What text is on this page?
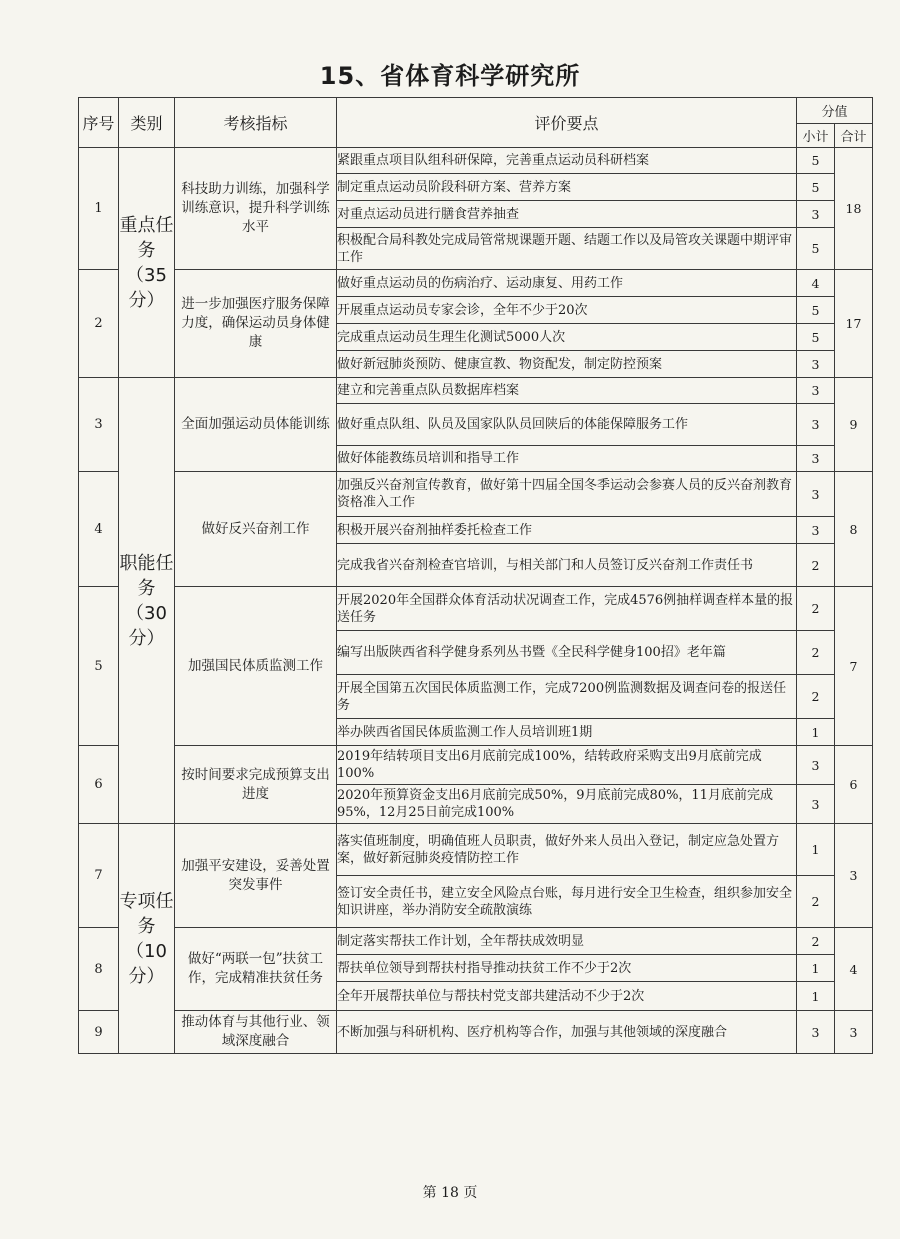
15、省体育科学研究所
序号	类别	考核指标	评价要点	分值	
				小计	合计
1	重点任务（35分）	科技助力训练，加强科学训练意识，提升科学训练水平	紧跟重点项目队组科研保障，完善重点运动员科研档案	5	18
			制定重点运动员阶段科研方案、营养方案	5	
			对重点运动员进行膳食营养抽查	3	
			积极配合局科教处完成局管常规课题开题、结题工作以及局管攻关课题中期评审工作	5	
2		进一步加强医疗服务保障力度，确保运动员身体健康	做好重点运动员的伤病治疗、运动康复、用药工作	4	17
			开展重点运动员专家会诊，全年不少于20次	5	
			完成重点运动员生理生化测试5000人次	5	
			做好新冠肺炎预防、健康宣教、物资配发，制定防控预案	3	
3	职能任务（30分）	全面加强运动员体能训练	建立和完善重点队员数据库档案	3	9
			做好重点队组、队员及国家队队员回陕后的体能保障服务工作	3	
			做好体能教练员培训和指导工作	3	
4		做好反兴奋剂工作	加强反兴奋剂宣传教育，做好第十四届全国冬季运动会参赛人员的反兴奋剂教育资格准入工作	3	8
			积极开展兴奋剂抽样委托检查工作	3	
			完成我省兴奋剂检查官培训，与相关部门和人员签订反兴奋剂工作责任书	2	
5		加强国民体质监测工作	开展2020年全国群众体育活动状况调查工作，完成4576例抽样调查样本量的报送任务	2	7
			编写出版陕西省科学健身系列丛书暨《全民科学健身100招》老年篇	2	
			开展全国第五次国民体质监测工作，完成7200例监测数据及调查问卷的报送任务	2	
			举办陕西省国民体质监测工作人员培训班1期	1	
6		按时间要求完成预算支出进度	2019年结转项目支出6月底前完成100%，结转政府采购支出9月底前完成100%	3	6
			2020年预算资金支出6月底前完成50%，9月底前完成80%，11月底前完成95%，12月25日前完成100%	3	
7	专项任务（10分）	加强平安建设，妥善处置突发事件	落实值班制度，明确值班人员职责，做好外来人员出入登记，制定应急处置方案，做好新冠肺炎疫情防控工作	1	3
			签订安全责任书，建立安全风险点台账，每月进行安全卫生检查，组织参加安全知识讲座，举办消防安全疏散演练	2	
8		做好“两联一包”扶贫工作，完成精准扶贫任务	制定落实帮扶工作计划，全年帮扶成效明显	2	4
			帮扶单位领导到帮扶村指导推动扶贫工作不少于2次	1	
			全年开展帮扶单位与帮扶村党支部共建活动不少于2次	1	
9		推动体育与其他行业、领域深度融合	不断加强与科研机构、医疗机构等合作，加强与其他领域的深度融合	3	3
第 18 页
